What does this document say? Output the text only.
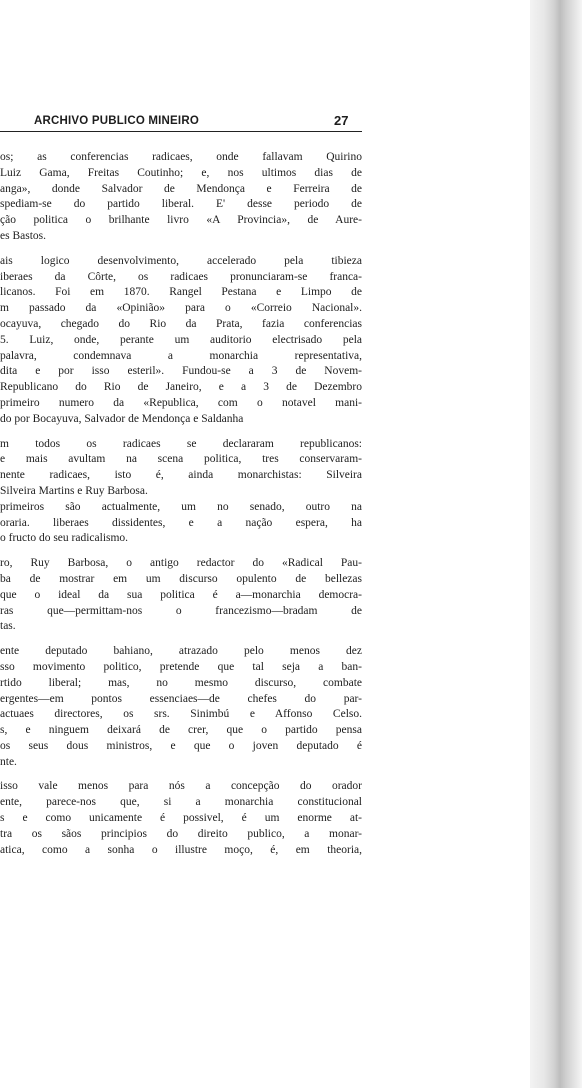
ARCHIVO PUBLICO MINEIRO	27
os; as conferencias radicaes, onde fallavam Quirino
Luiz Gama, Freitas Coutinho; e, nos ultimos dias de
anga», donde Salvador de Mendonça e Ferreira de
spediam-se do partido liberal. E' desse periodo de
ção politica o brilhante livro «A Provincia», de Aure-
es Bastos.
ais logico desenvolvimento, accelerado pela tibieza
iberaes da Côrte, os radicaes pronunciaram-se franca-
licanos. Foi em 1870. Rangel Pestana e Limpo de
m passado da «Opinião» para o «Correio Nacional».
ocayuva, chegado do Rio da Prata, fazia conferencias
5. Luiz, onde, perante um auditorio electrisado pela
palavra, condemnava a monarchia representativa,
dita e por isso esteril». Fundou-se a 3 de Novem-
Republicano do Rio de Janeiro, e a 3 de Dezembro
primeiro numero da «Republica, com o notavel mani-
do por Bocayuva, Salvador de Mendonça e Saldanha
m todos os radicaes se declararam republicanos:
e mais avultam na scena politica, tres conservaram-
nente radicaes, isto é, ainda monarchistas: Silveira
Silveira Martins e Ruy Barbosa.
primeiros são actualmente, um no senado, outro na
oraria. liberaes dissidentes, e a nação espera, ha
o fructo do seu radicalismo.
ro, Ruy Barbosa, o antigo redactor do «Radical Pau-
ba de mostrar em um discurso opulento de bellezas
que o ideal da sua politica é a—monarchia democra-
ras que—permittam-nos o francezismo—bradam de
tas.
ente deputado bahiano, atrazado pelo menos dez
sso movimento politico, pretende que tal seja a ban-
rtido liberal; mas, no mesmo discurso, combate
ergentes—em pontos essenciaes—de chefes do par-
actuaes directores, os srs. Sinimbú e Affonso Celso.
s, e ninguem deixará de crer, que o partido pensa
os seus dous ministros, e que o joven deputado é
nte.
isso vale menos para nós a concepção do orador
ente, parece-nos que, si a monarchia constitucional
s e como unicamente é possivel, é um enorme at-
tra os sãos principios do direito publico, a monar-
atica, como a sonha o illustre moço, é, em theoria,
